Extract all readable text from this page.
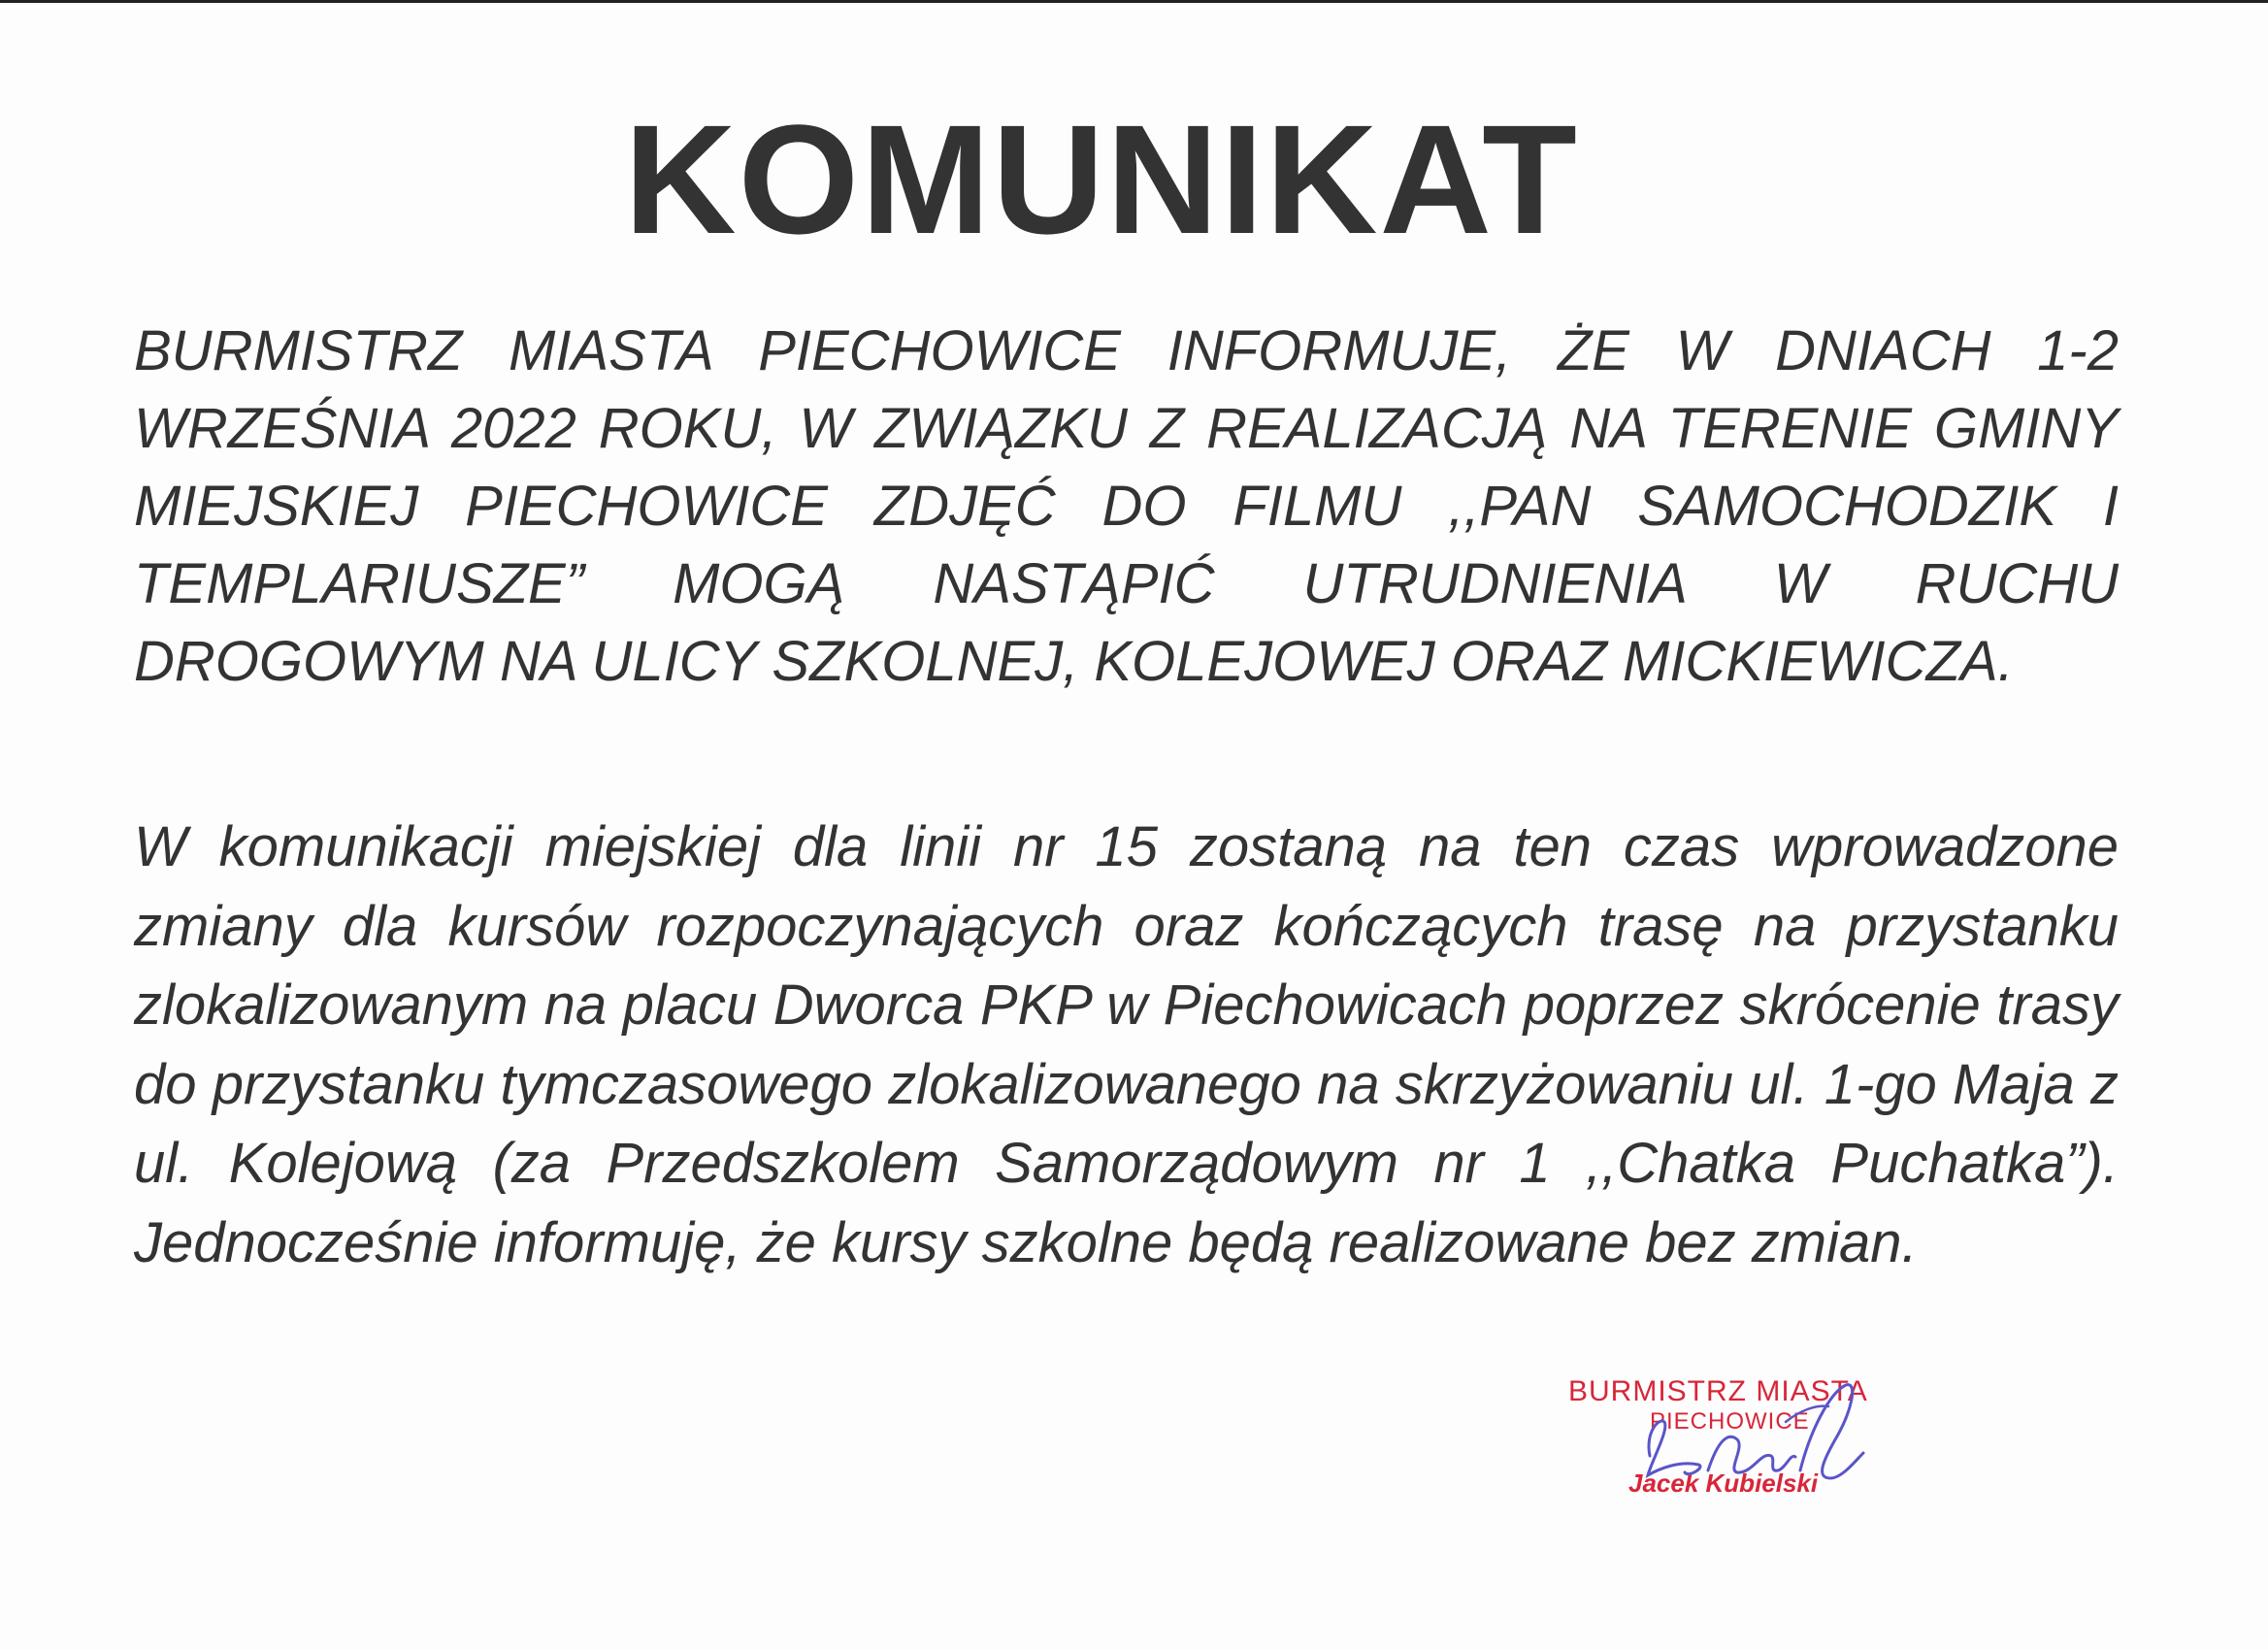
KOMUNIKAT

BURMISTRZ MIASTA PIECHOWICE INFORMUJE, ŻE W DNIACH 1-2 WRZEŚNIA 2022 ROKU, W ZWIĄZKU Z REALIZACJĄ NA TERENIE GMINY MIEJSKIEJ PIECHOWICE ZDJĘĆ DO FILMU ,,PAN SAMOCHODZIK I TEMPLARIUSZE” MOGĄ NASTĄPIĆ UTRUDNIENIA W RUCHU DROGOWYM NA ULICY SZKOLNEJ, KOLEJOWEJ ORAZ MICKIEWICZA.

W komunikacji miejskiej dla linii nr 15 zostaną na ten czas wprowadzone zmiany dla kursów rozpoczynających oraz kończących trasę na przystanku zlokalizowanym na placu Dworca PKP w Piechowicach poprzez skrócenie trasy do przystanku tymczasowego zlokalizowanego na skrzyżowaniu ul. 1-go Maja z ul. Kolejową (za Przedszkolem Samorządowym nr 1 ,,Chatka Puchatka”). Jednocześnie informuję, że kursy szkolne będą realizowane bez zmian.

BURMISTRZ MIASTA
PIECHOWICE
Jacek Kubielski
